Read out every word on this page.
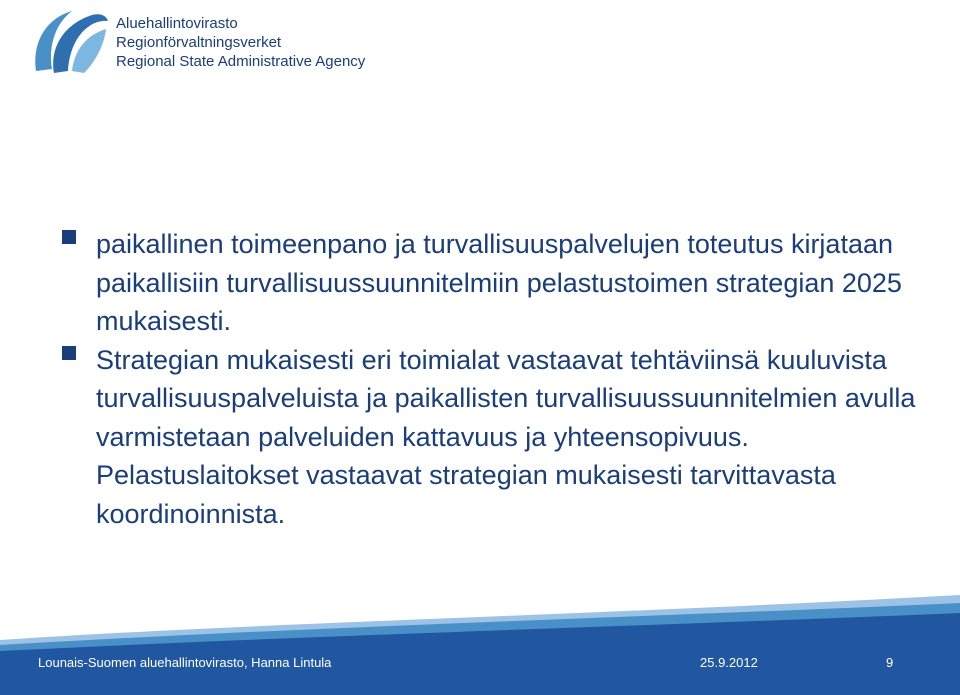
Aluehallintovirasto
Regionförvaltningsverket
Regional State Administrative Agency
paikallinen toimeenpano ja turvallisuuspalvelujen toteutus kirjataan paikallisiin turvallisuussuunnitelmiin pelastustoimen strategian 2025 mukaisesti.
Strategian mukaisesti eri toimialat vastaavat tehtäviinsä kuuluvista turvallisuuspalveluista ja paikallisten turvallisuussuunnitelmien avulla varmistetaan palveluiden kattavuus ja yhteensopivuus. Pelastuslaitokset vastaavat strategian mukaisesti tarvittavasta koordinoinnista.
Lounais-Suomen aluehallintovirasto, Hanna Lintula	25.9.2012	9
